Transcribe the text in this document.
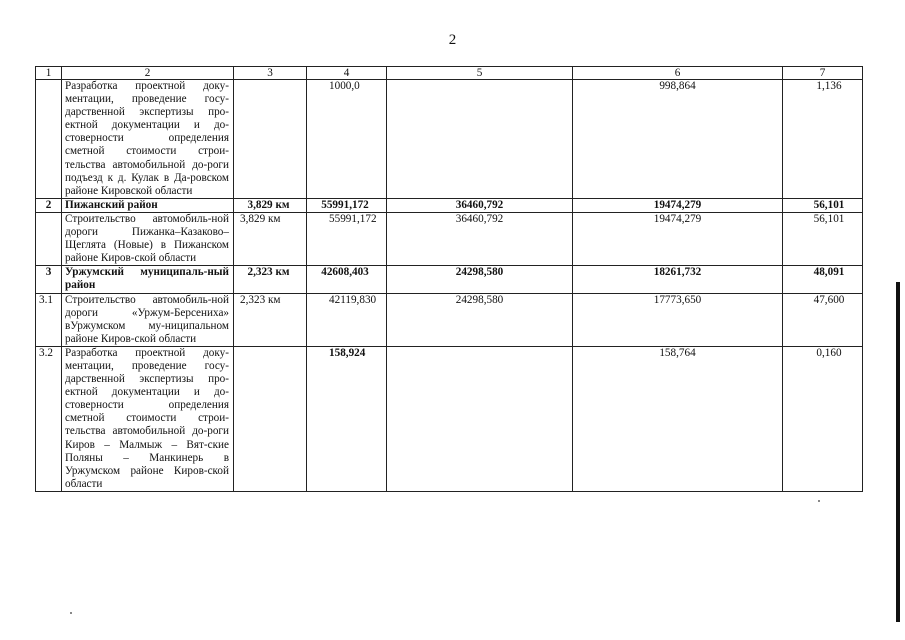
2
1	2	3	4	5	6	7
	Разработка проектной доку-ментации, проведение госу-дарственной экспертизы про-ектной документации и до-стоверности определения сметной стоимости строи-тельства автомобильной до-роги подъезд к д. Кулак в Да-ровском районе Кировской области		1000,0		998,864	1,136
2	Пижанский район	3,829 км	55991,172	36460,792	19474,279	56,101
	Строительство автомобиль-ной дороги Пижанка–Казаково–Щеглята (Новые) в Пижанском районе Киров-ской области	3,829 км	55991,172	36460,792	19474,279	56,101
3	Уржумский муниципаль-ный район	2,323 км	42608,403	24298,580	18261,732	48,091
3.1	Строительство автомобиль-ной дороги «Уржум-Берсениха» вУржумском му-ниципальном районе Киров-ской области	2,323 км	42119,830	24298,580	17773,650	47,600
3.2	Разработка проектной доку-ментации, проведение госу-дарственной экспертизы про-ектной документации и до-стоверности определения сметной стоимости строи-тельства автомобильной до-роги Киров – Малмыж – Вят-ские Поляны – Манкинерь в Уржумском районе Киров-ской области		158,924		158,764	0,160
